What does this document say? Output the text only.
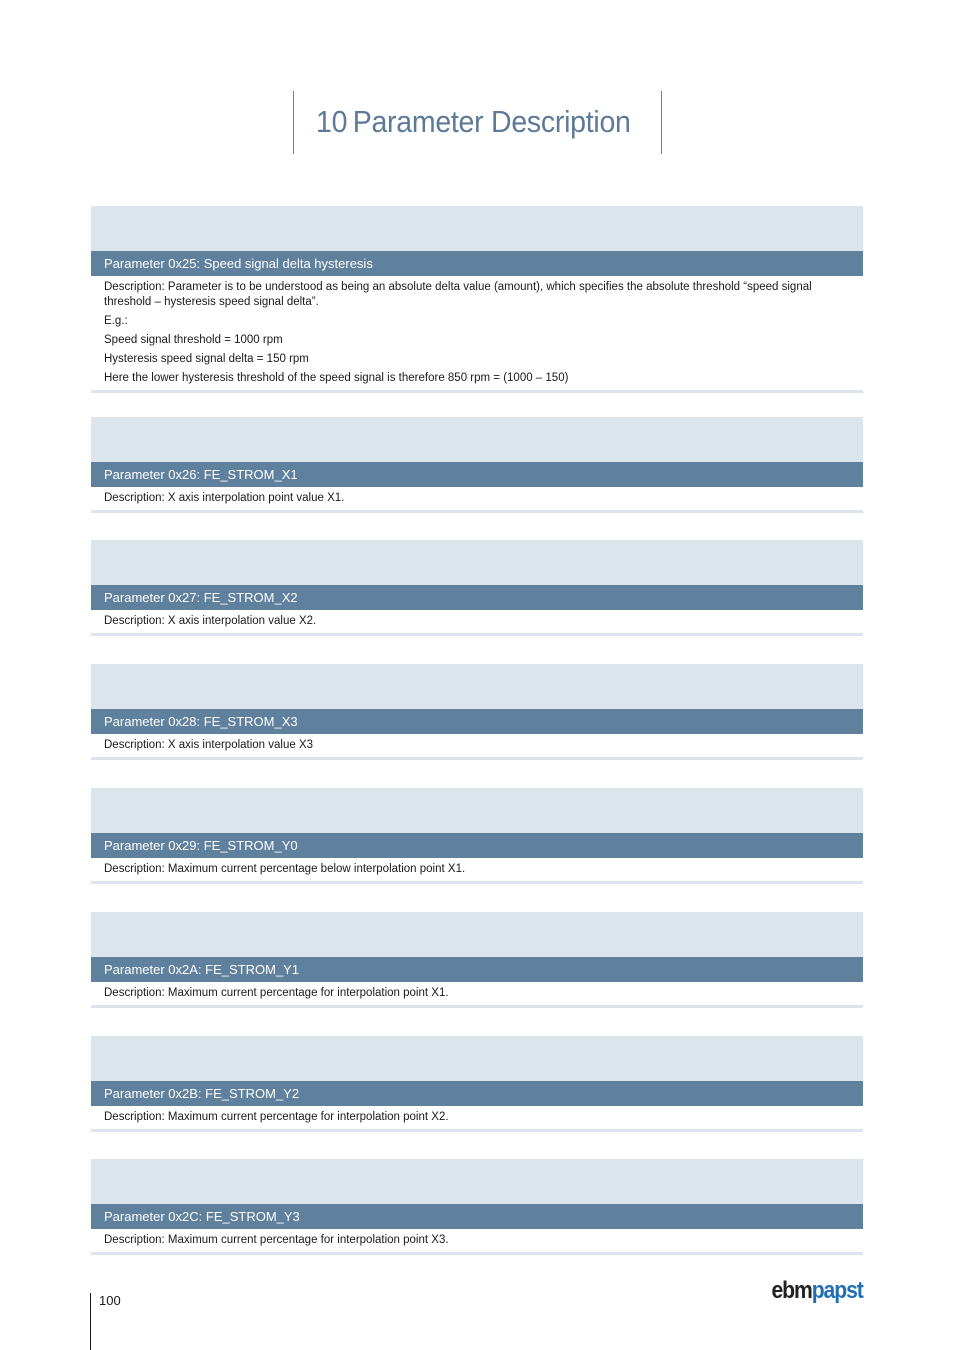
10 Parameter Description
Parameter 0x25: Speed signal delta hysteresis
Description: Parameter is to be understood as being an absolute delta value (amount), which specifies the absolute threshold “speed signal threshold – hysteresis speed signal delta”.
E.g.:
Speed signal threshold = 1000 rpm
Hysteresis speed signal delta = 150 rpm
Here the lower hysteresis threshold of the speed signal is therefore 850 rpm = (1000 – 150)
Parameter 0x26: FE_STROM_X1
Description: X axis interpolation point value X1.
Parameter 0x27: FE_STROM_X2
Description: X axis interpolation value X2.
Parameter 0x28: FE_STROM_X3
Description: X axis interpolation value X3
Parameter 0x29: FE_STROM_Y0
Description: Maximum current percentage below interpolation point X1.
Parameter 0x2A: FE_STROM_Y1
Description: Maximum current percentage for interpolation point X1.
Parameter 0x2B: FE_STROM_Y2
Description: Maximum current percentage for interpolation point X2.
Parameter 0x2C: FE_STROM_Y3
Description: Maximum current percentage for interpolation point X3.
100	ebmpapst
